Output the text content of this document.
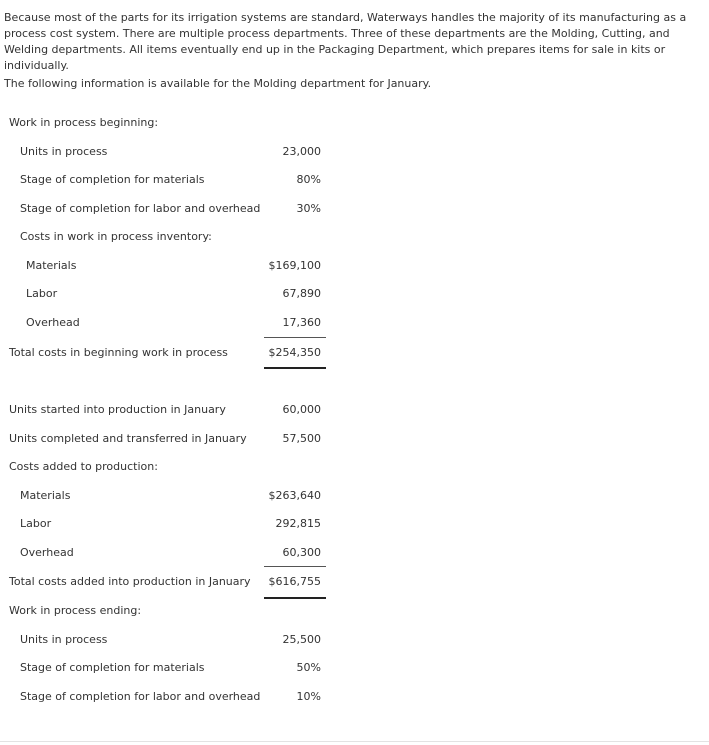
Because most of the parts for its irrigation systems are standard, Waterways handles the majority of its manufacturing as a process cost system. There are multiple process departments. Three of these departments are the Molding, Cutting, and Welding departments. All items eventually end up in the Packaging Department, which prepares items for sale in kits or individually.

The following information is available for the Molding department for January.

Work in process beginning:
Units in process	23,000
Stage of completion for materials	80%
Stage of completion for labor and overhead	30%
Costs in work in process inventory:
Materials	$169,100
Labor	67,890
Overhead	17,360
Total costs in beginning work in process	$254,350
Units started into production in January	60,000
Units completed and transferred in January	57,500
Costs added to production:
Materials	$263,640
Labor	292,815
Overhead	60,300
Total costs added into production in January $616,755
Work in process ending:
Units in process	25,500
Stage of completion for materials	50%
Stage of completion for labor and overhead	10%
